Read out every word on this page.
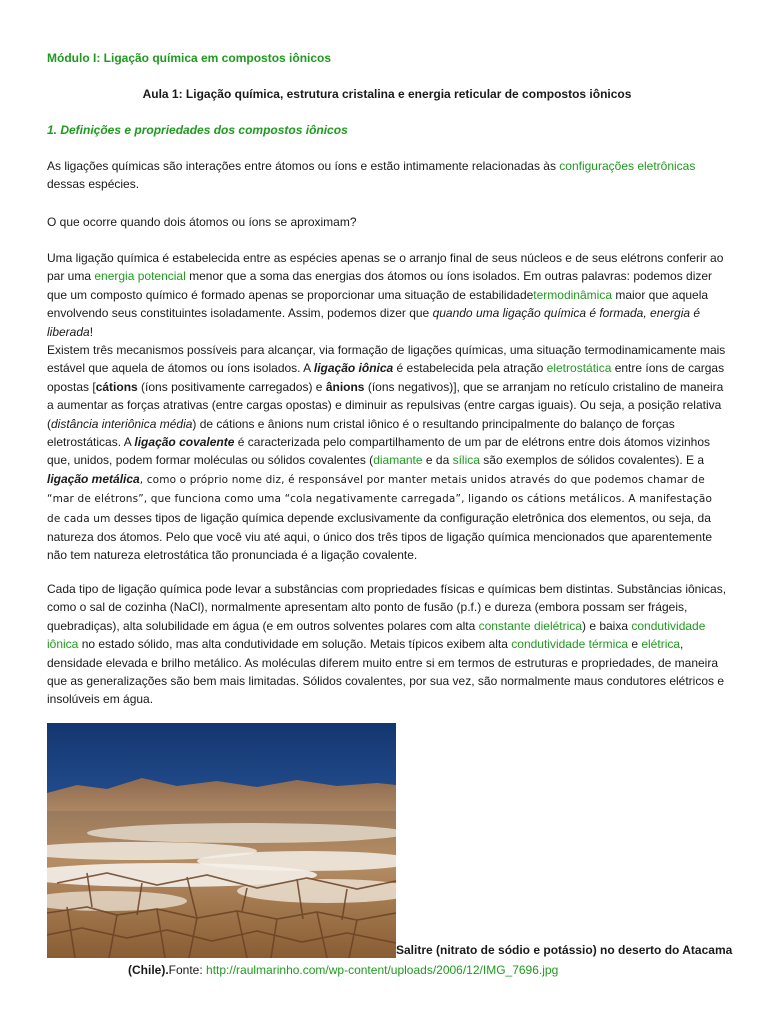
Módulo I: Ligação química em compostos iônicos
Aula 1: Ligação química, estrutura cristalina e energia reticular de compostos iônicos
1. Definições e propriedades dos compostos iônicos
As ligações químicas são interações entre átomos ou íons e estão intimamente relacionadas às configurações eletrônicas dessas espécies.
O que ocorre quando dois átomos ou íons se aproximam?
Uma ligação química é estabelecida entre as espécies apenas se o arranjo final de seus núcleos e de seus elétrons conferir ao par uma energia potencial menor que a soma das energias dos átomos ou íons isolados. Em outras palavras: podemos dizer que um composto químico é formado apenas se proporcionar uma situação de estabilidadetermodinâmica maior que aquela envolvendo seus constituintes isoladamente. Assim, podemos dizer que quando uma ligação química é formada, energia é liberada!
Existem três mecanismos possíveis para alcançar, via formação de ligações químicas, uma situação termodinamicamente mais estável que aquela de átomos ou íons isolados. A ligação iônica é estabelecida pela atração eletrostática entre íons de cargas opostas [cátions (íons positivamente carregados) e ânions (íons negativos)], que se arranjam no retículo cristalino de maneira a aumentar as forças atrativas (entre cargas opostas) e diminuir as repulsivas (entre cargas iguais). Ou seja, a posição relativa (distância interiônica média) de cátions e ânions num cristal iônico é o resultando principalmente do balanço de forças eletrostáticas. A ligação covalente é caracterizada pelo compartilhamento de um par de elétrons entre dois átomos vizinhos que, unidos, podem formar moléculas ou sólidos covalentes (diamante e da sílica são exemplos de sólidos covalentes). E a ligação metálica, como o próprio nome diz, é responsável por manter metais unidos através do que podemos chamar de “mar de elétrons”, que funciona como uma “cola negativamente carregada”, ligando os cátions metálicos. A manifestação de cada um desses tipos de ligação química depende exclusivamente da configuração eletrônica dos elementos, ou seja, da natureza dos átomos. Pelo que você viu até aqui, o único dos três tipos de ligação química mencionados que aparentemente não tem natureza eletrostática tão pronunciada é a ligação covalente.
Cada tipo de ligação química pode levar a substâncias com propriedades físicas e químicas bem distintas. Substâncias iônicas, como o sal de cozinha (NaCl), normalmente apresentam alto ponto de fusão (p.f.) e dureza (embora possam ser frágeis, quebradiças), alta solubilidade em água (e em outros solventes polares com alta constante dielétrica) e baixa condutividade iônica no estado sólido, mas alta condutividade em solução. Metais típicos exibem alta condutividade térmica e elétrica, densidade elevada e brilho metálico. As moléculas diferem muito entre si em termos de estruturas e propriedades, de maneira que as generalizações são bem mais limitadas. Sólidos covalentes, por sua vez, são normalmente maus condutores elétricos e insolúveis em água.
Salitre (nitrato de sódio e potássio) no deserto do Atacama
(Chile).Fonte: http://raulmarinho.com/wp-content/uploads/2006/12/IMG_7696.jpg
